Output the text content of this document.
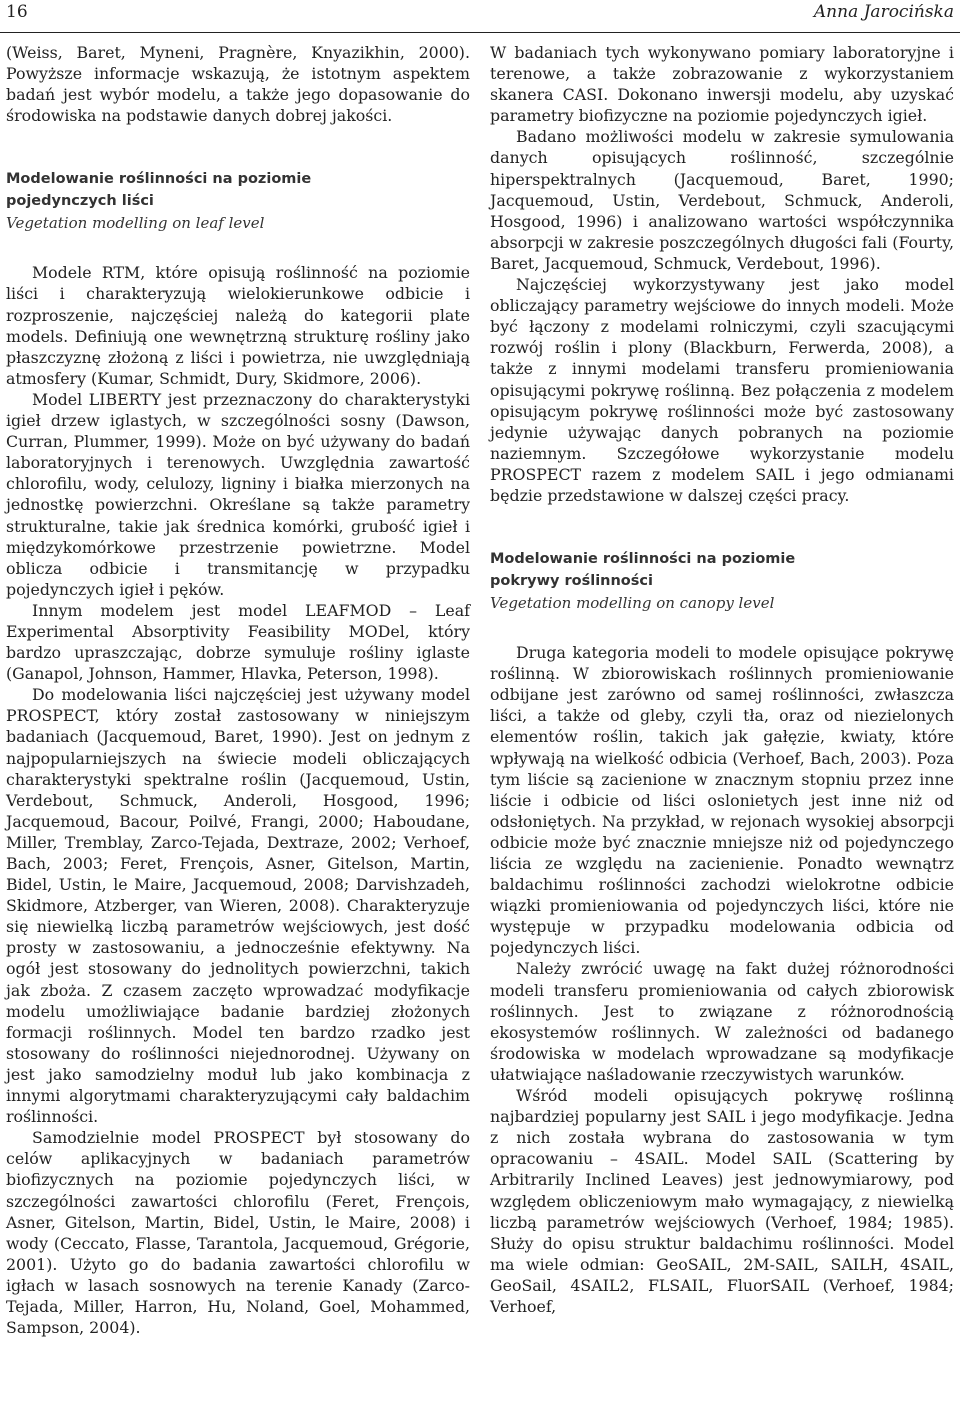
16	Anna Jarocińska

(Weiss, Baret, Myneni, Pragnère, Knyazikhin, 2000). Powyższe informacje wskazują, że istotnym aspektem badań jest wybór modelu, a także jego dopasowanie do środowiska na podstawie danych dobrej jakości.

Modelowanie roślinności na poziomie
pojedynczych liści
Vegetation modelling on leaf level

Modele RTM, które opisują roślinność na poziomie liści i charakteryzują wielokierunkowe odbicie i rozproszenie, najczęściej należą do kategorii plate models. Definiują one wewnętrzną strukturę rośliny jako płaszczyznę złożoną z liści i powietrza, nie uwzględniają atmosfery (Kumar, Schmidt, Dury, Skidmore, 2006).

Model LIBERTY jest przeznaczony do charakterystyki igieł drzew iglastych, w szczególności sosny (Dawson, Curran, Plummer, 1999). Może on być używany do badań laboratoryjnych i terenowych. Uwzględnia zawartość chlorofilu, wody, celulozy, ligniny i białka mierzonych na jednostkę powierzchni. Określane są także parametry strukturalne, takie jak średnica komórki, grubość igieł i międzykomórkowe przestrzenie powietrzne. Model oblicza odbicie i transmitancję w przypadku pojedynczych igieł i pęków.

Innym modelem jest model LEAFMOD – Leaf Experimental Absorptivity Feasibility MODel, który bardzo upraszczając, dobrze symuluje rośliny iglaste (Ganapol, Johnson, Hammer, Hlavka, Peterson, 1998).

Do modelowania liści najczęściej jest używany model PROSPECT, który został zastosowany w niniejszym badaniach (Jacquemoud, Baret, 1990). Jest on jednym z najpopularniejszych na świecie modeli obliczających charakterystyki spektralne roślin (Jacquemoud, Ustin, Verdebout, Schmuck, Anderoli, Hosgood, 1996; Jacquemoud, Bacour, Poilvé, Frangi, 2000; Haboudane, Miller, Tremblay, Zarco-Tejada, Dextraze, 2002; Verhoef, Bach, 2003; Feret, Frençois, Asner, Gitelson, Martin, Bidel, Ustin, le Maire, Jacquemoud, 2008; Darvishzadeh, Skidmore, Atzberger, van Wieren, 2008). Charakteryzuje się niewielką liczbą parametrów wejściowych, jest dość prosty w zastosowaniu, a jednocześnie efektywny. Na ogół jest stosowany do jednolitych powierzchni, takich jak zboża. Z czasem zaczęto wprowadzać modyfikacje modelu umożliwiające badanie bardziej złożonych formacji roślinnych. Model ten bardzo rzadko jest stosowany do roślinności niejednorodnej. Używany on jest jako samodzielny moduł lub jako kombinacja z innymi algorytmami charakteryzującymi cały baldachim roślinności.

Samodzielnie model PROSPECT był stosowany do celów aplikacyjnych w badaniach parametrów biofizycznych na poziomie pojedynczych liści, w szczególności zawartości chlorofilu (Feret, Frençois, Asner, Gitelson, Martin, Bidel, Ustin, le Maire, 2008) i wody (Ceccato, Flasse, Tarantola, Jacquemoud, Grégorie, 2001). Użyto go do badania zawartości chlorofilu w igłach w lasach sosnowych na terenie Kanady (Zarco-Tejada, Miller, Harron, Hu, Noland, Goel, Mohammed, Sampson, 2004).

W badaniach tych wykonywano pomiary laboratoryjne i terenowe, a także zobrazowanie z wykorzystaniem skanera CASI. Dokonano inwersji modelu, aby uzyskać parametry biofizyczne na poziomie pojedynczych igieł.

Badano możliwości modelu w zakresie symulowania danych opisujących roślinność, szczególnie hiperspektralnych (Jacquemoud, Baret, 1990; Jacquemoud, Ustin, Verdebout, Schmuck, Anderoli, Hosgood, 1996) i analizowano wartości współczynnika absorpcji w zakresie poszczególnych długości fali (Fourty, Baret, Jacquemoud, Schmuck, Verdebout, 1996).

Najczęściej wykorzystywany jest jako model obliczający parametry wejściowe do innych modeli. Może być łączony z modelami rolniczymi, czyli szacującymi rozwój roślin i plony (Blackburn, Ferwerda, 2008), a także z innymi modelami transferu promieniowania opisującymi pokrywę roślinną. Bez połączenia z modelem opisującym pokrywę roślinności może być zastosowany jedynie używając danych pobranych na poziomie naziemnym. Szczegółowe wykorzystanie modelu PROSPECT razem z modelem SAIL i jego odmianami będzie przedstawione w dalszej części pracy.

Modelowanie roślinności na poziomie
pokrywy roślinności
Vegetation modelling on canopy level

Druga kategoria modeli to modele opisujące pokrywę roślinną. W zbiorowiskach roślinnych promieniowanie odbijane jest zarówno od samej roślinności, zwłaszcza liści, a także od gleby, czyli tła, oraz od niezielonych elementów roślin, takich jak gałęzie, kwiaty, które wpływają na wielkość odbicia (Verhoef, Bach, 2003). Poza tym liście są zacienione w znacznym stopniu przez inne liście i odbicie od liści oslonietych jest inne niż od odsłoniętych. Na przykład, w rejonach wysokiej absorpcji odbicie może być znacznie mniejsze niż od pojedynczego liścia ze względu na zacienienie. Ponadto wewnątrz baldachimu roślinności zachodzi wielokrotne odbicie wiązki promieniowania od pojedynczych liści, które nie występuje w przypadku modelowania odbicia od pojedynczych liści.

Należy zwrócić uwagę na fakt dużej różnorodności modeli transferu promieniowania od całych zbiorowisk roślinnych. Jest to związane z różnorodnością ekosystemów roślinnych. W zależności od badanego środowiska w modelach wprowadzane są modyfikacje ułatwiające naśladowanie rzeczywistych warunków.

Wśród modeli opisujących pokrywę roślinną najbardziej popularny jest SAIL i jego modyfikacje. Jedna z nich została wybrana do zastosowania w tym opracowaniu – 4SAIL. Model SAIL (Scattering by Arbitrarily Inclined Leaves) jest jednowymiarowy, pod względem obliczeniowym mało wymagający, z niewielką liczbą parametrów wejściowych (Verhoef, 1984; 1985). Służy do opisu struktur baldachimu roślinności. Model ma wiele odmian: GeoSAIL, 2M-SAIL, SAILH, 4SAIL, GeoSail, 4SAIL2, FLSAIL, FluorSAIL (Verhoef, 1984; Verhoef,
